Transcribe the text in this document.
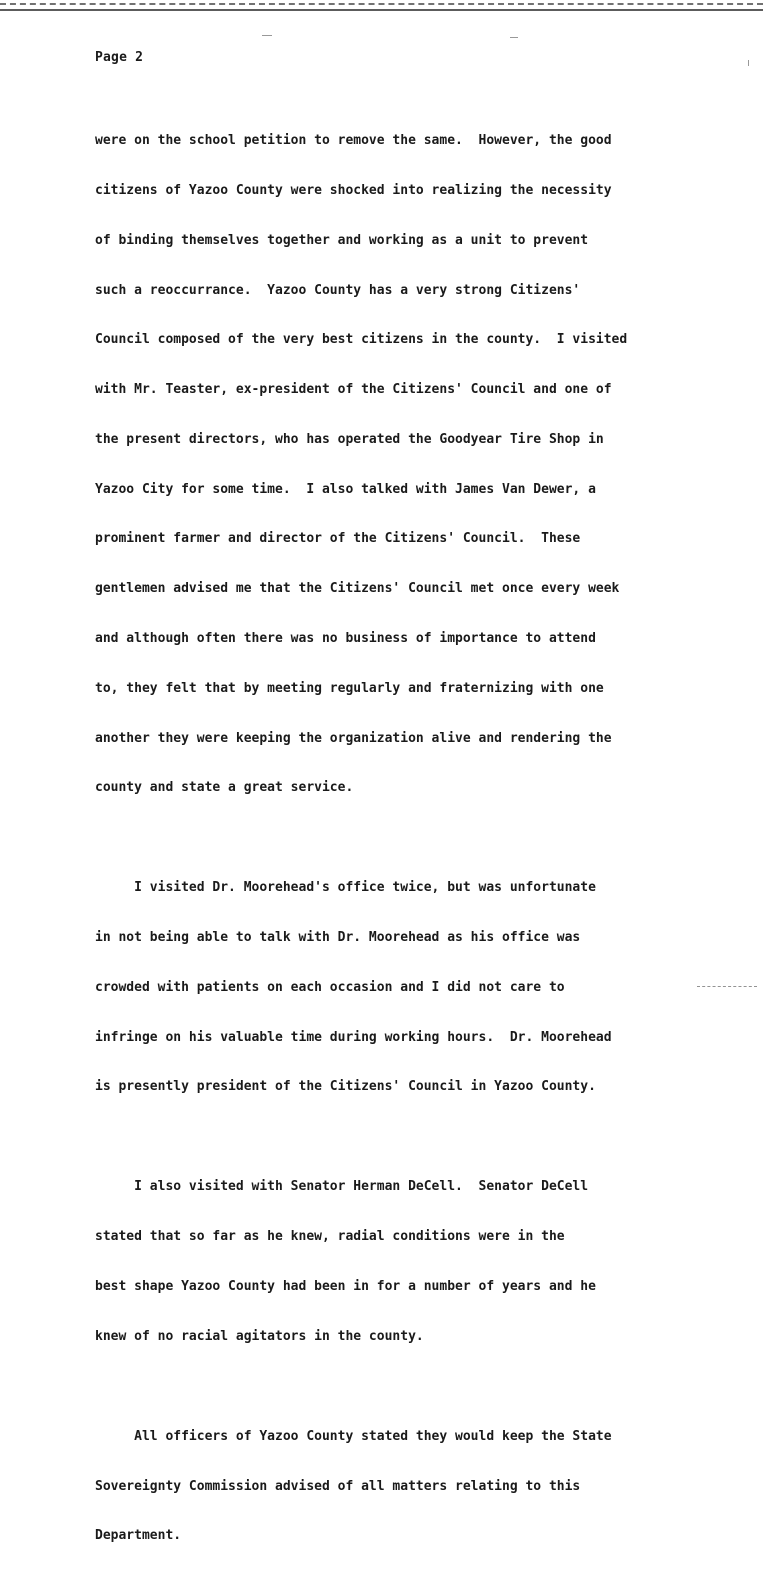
Page 2

were on the school petition to remove the same.  However, the good

citizens of Yazoo County were shocked into realizing the necessity

of binding themselves together and working as a unit to prevent

such a reoccurrance.  Yazoo County has a very strong Citizens'

Council composed of the very best citizens in the county.  I visited

with Mr. Teaster, ex-president of the Citizens' Council and one of

the present directors, who has operated the Goodyear Tire Shop in

Yazoo City for some time.  I also talked with James Van Dewer, a

prominent farmer and director of the Citizens' Council.  These

gentlemen advised me that the Citizens' Council met once every week

and although often there was no business of importance to attend

to, they felt that by meeting regularly and fraternizing with one

another they were keeping the organization alive and rendering the

county and state a great service.

I visited Dr. Moorehead's office twice, but was unfortunate

in not being able to talk with Dr. Moorehead as his office was

crowded with patients on each occasion and I did not care to

infringe on his valuable time during working hours.  Dr. Moorehead

is presently president of the Citizens' Council in Yazoo County.

I also visited with Senator Herman DeCell.  Senator DeCell

stated that so far as he knew, radial conditions were in the

best shape Yazoo County had been in for a number of years and he

knew of no racial agitators in the county.

All officers of Yazoo County stated they would keep the State

Sovereignty Commission advised of all matters relating to this

Department.
